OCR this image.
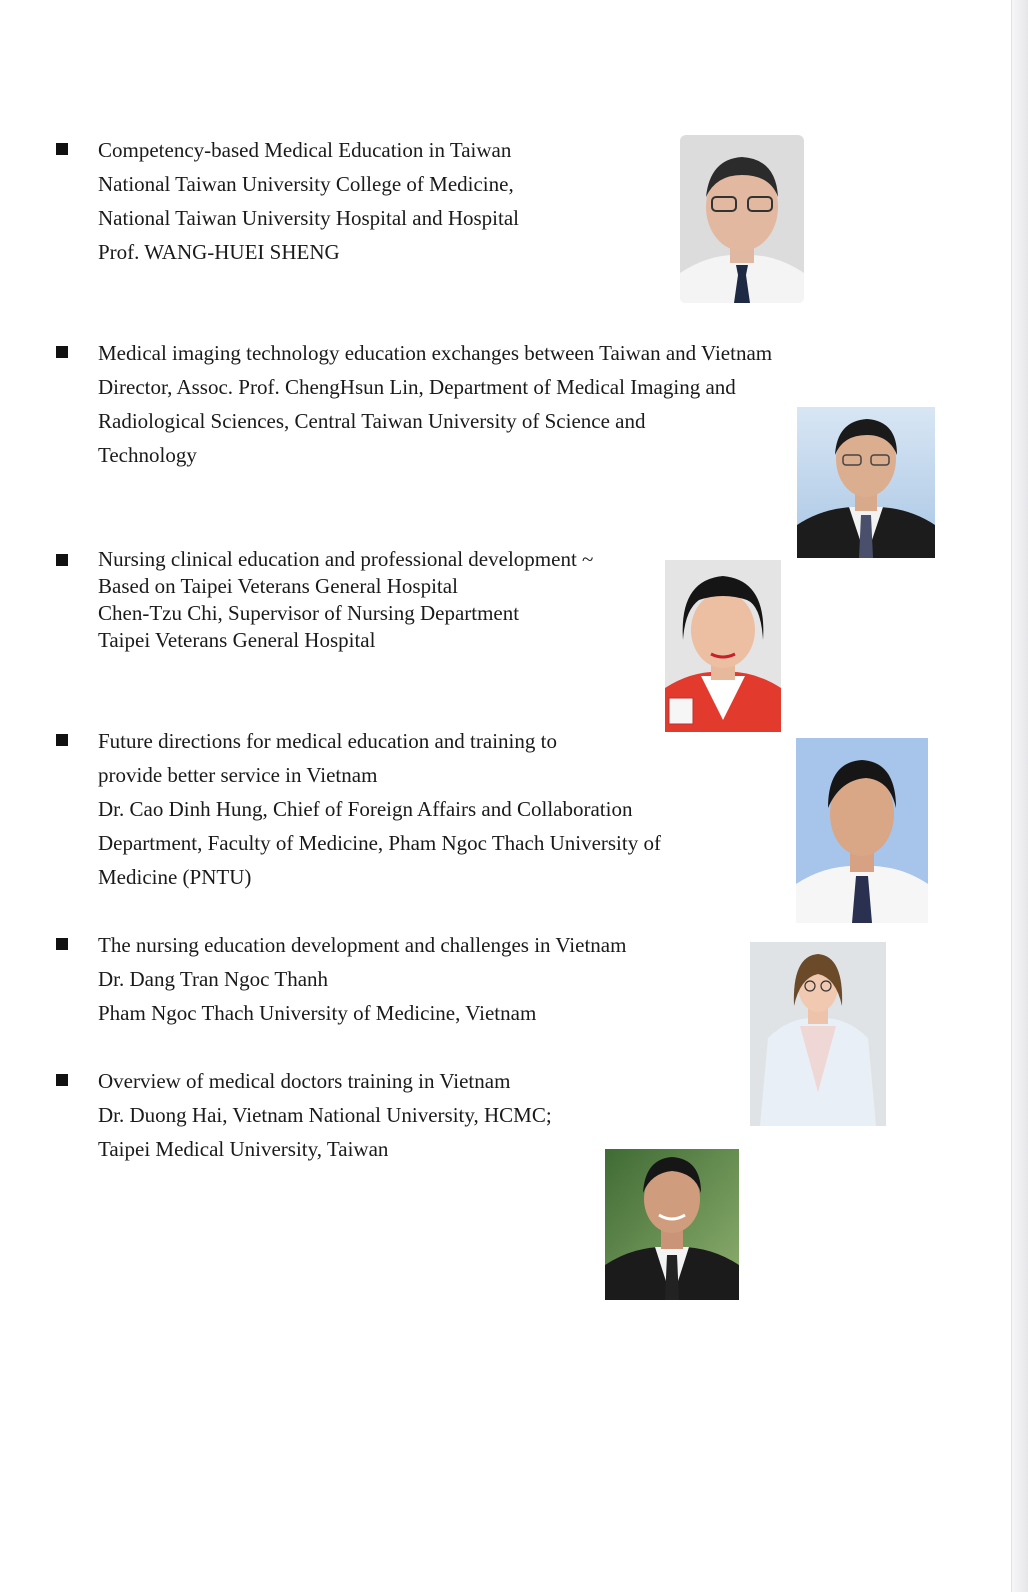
Competency-based Medical Education in Taiwan
National Taiwan University College of Medicine,
National Taiwan University Hospital and Hospital
Prof. WANG-HUEI SHENG
Medical imaging technology education exchanges between Taiwan and Vietnam
Director, Assoc. Prof. ChengHsun Lin, Department of Medical Imaging and
Radiological Sciences, Central Taiwan University of Science and
Technology
Nursing clinical education and professional development ~
Based on Taipei Veterans General Hospital
Chen-Tzu Chi, Supervisor of Nursing Department
Taipei Veterans General Hospital
Future directions for medical education and training to
provide better service in Vietnam
Dr. Cao Dinh Hung, Chief of Foreign Affairs and Collaboration
Department, Faculty of Medicine, Pham Ngoc Thach University of
Medicine (PNTU)
The nursing education development and challenges in Vietnam
Dr. Dang Tran Ngoc Thanh
Pham Ngoc Thach University of Medicine, Vietnam
Overview of medical doctors training in Vietnam
Dr. Duong Hai, Vietnam National University, HCMC;
Taipei Medical University, Taiwan
